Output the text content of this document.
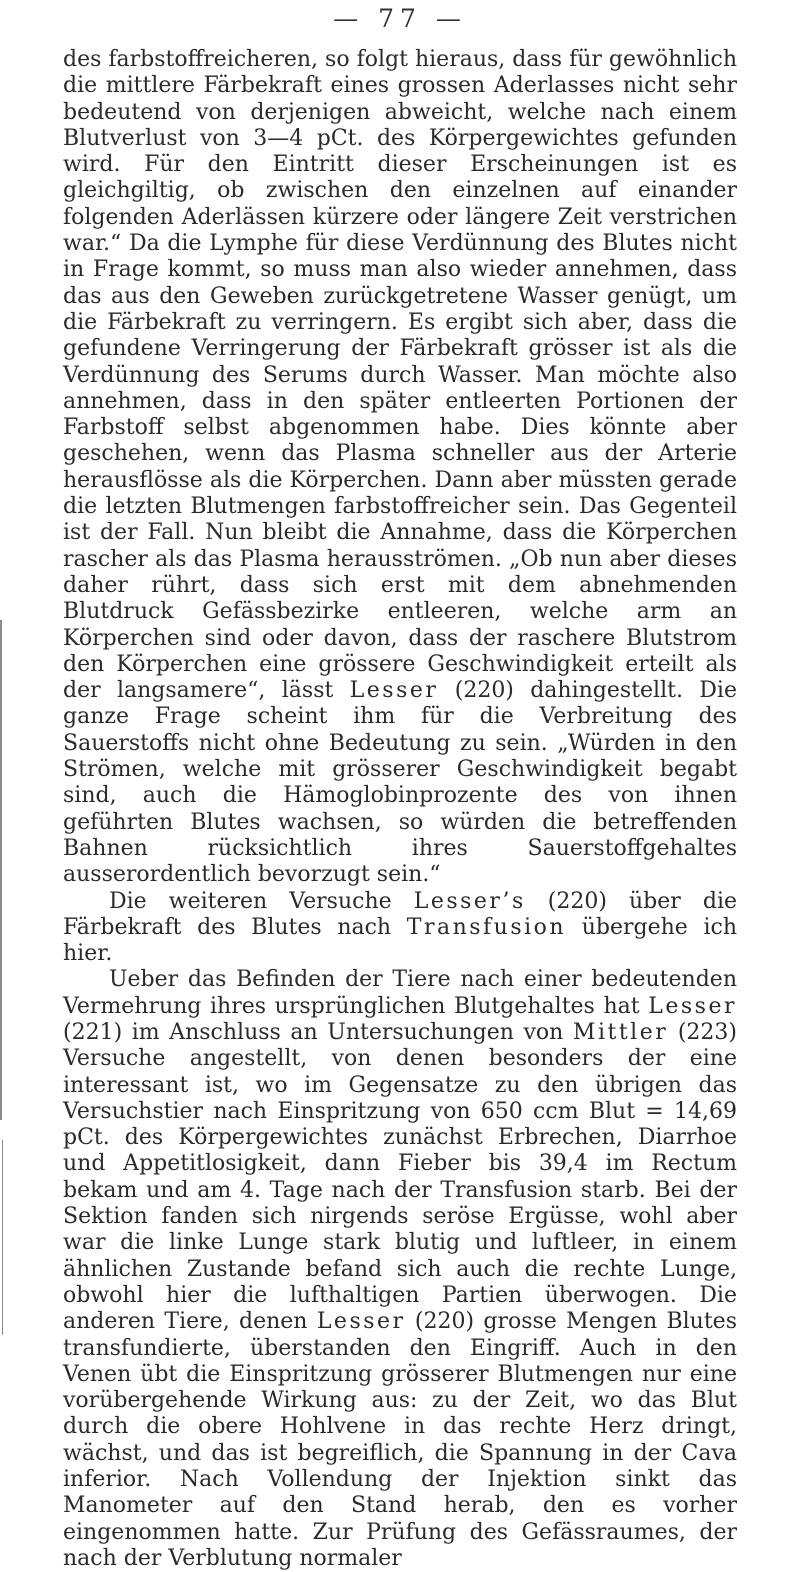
— 77 —

des farbstoffreicheren, so folgt hieraus, dass für gewöhnlich die mittlere Färbekraft eines grossen Aderlasses nicht sehr bedeutend von derjenigen abweicht, welche nach einem Blutverlust von 3—4 pCt. des Körpergewichtes gefunden wird. Für den Eintritt dieser Erscheinungen ist es gleichgiltig, ob zwischen den einzelnen auf einander folgenden Aderlässen kürzere oder längere Zeit verstrichen war.“ Da die Lymphe für diese Verdünnung des Blutes nicht in Frage kommt, so muss man also wieder annehmen, dass das aus den Geweben zurückgetretene Wasser genügt, um die Färbekraft zu verringern. Es ergibt sich aber, dass die gefundene Verringerung der Färbekraft grösser ist als die Verdünnung des Serums durch Wasser. Man möchte also annehmen, dass in den später entleerten Portionen der Farbstoff selbst abgenommen habe. Dies könnte aber geschehen, wenn das Plasma schneller aus der Arterie herausflösse als die Körperchen. Dann aber müssten gerade die letzten Blutmengen farbstoffreicher sein. Das Gegenteil ist der Fall. Nun bleibt die Annahme, dass die Körperchen rascher als das Plasma herausströmen. „Ob nun aber dieses daher rührt, dass sich erst mit dem abnehmenden Blutdruck Gefässbezirke entleeren, welche arm an Körperchen sind oder davon, dass der raschere Blutstrom den Körperchen eine grössere Geschwindigkeit erteilt als der langsamere“, lässt Lesser (220) dahingestellt. Die ganze Frage scheint ihm für die Verbreitung des Sauerstoffs nicht ohne Bedeutung zu sein. „Würden in den Strömen, welche mit grösserer Geschwindigkeit begabt sind, auch die Hämoglobinprozente des von ihnen geführten Blutes wachsen, so würden die betreffenden Bahnen rücksichtlich ihres Sauerstoffgehaltes ausserordentlich bevorzugt sein.“

Die weiteren Versuche Lesser’s (220) über die Färbekraft des Blutes nach Transfusion übergehe ich hier.

Ueber das Befinden der Tiere nach einer bedeutenden Vermehrung ihres ursprünglichen Blutgehaltes hat Lesser (221) im Anschluss an Untersuchungen von Mittler (223) Versuche angestellt, von denen besonders der eine interessant ist, wo im Gegensatze zu den übrigen das Versuchstier nach Einspritzung von 650 ccm Blut = 14,69 pCt. des Körpergewichtes zunächst Erbrechen, Diarrhoe und Appetitlosigkeit, dann Fieber bis 39,4 im Rectum bekam und am 4. Tage nach der Transfusion starb. Bei der Sektion fanden sich nirgends seröse Ergüsse, wohl aber war die linke Lunge stark blutig und luftleer, in einem ähnlichen Zustande befand sich auch die rechte Lunge, obwohl hier die lufthaltigen Partien überwogen. Die anderen Tiere, denen Lesser (220) grosse Mengen Blutes transfundierte, überstanden den Eingriff. Auch in den Venen übt die Einspritzung grösserer Blutmengen nur eine vorübergehende Wirkung aus: zu der Zeit, wo das Blut durch die obere Hohlvene in das rechte Herz dringt, wächst, und das ist begreiflich, die Spannung in der Cava inferior. Nach Vollendung der Injektion sinkt das Manometer auf den Stand herab, den es vorher eingenommen hatte. Zur Prüfung des Gefässraumes, der nach der Verblutung normaler
